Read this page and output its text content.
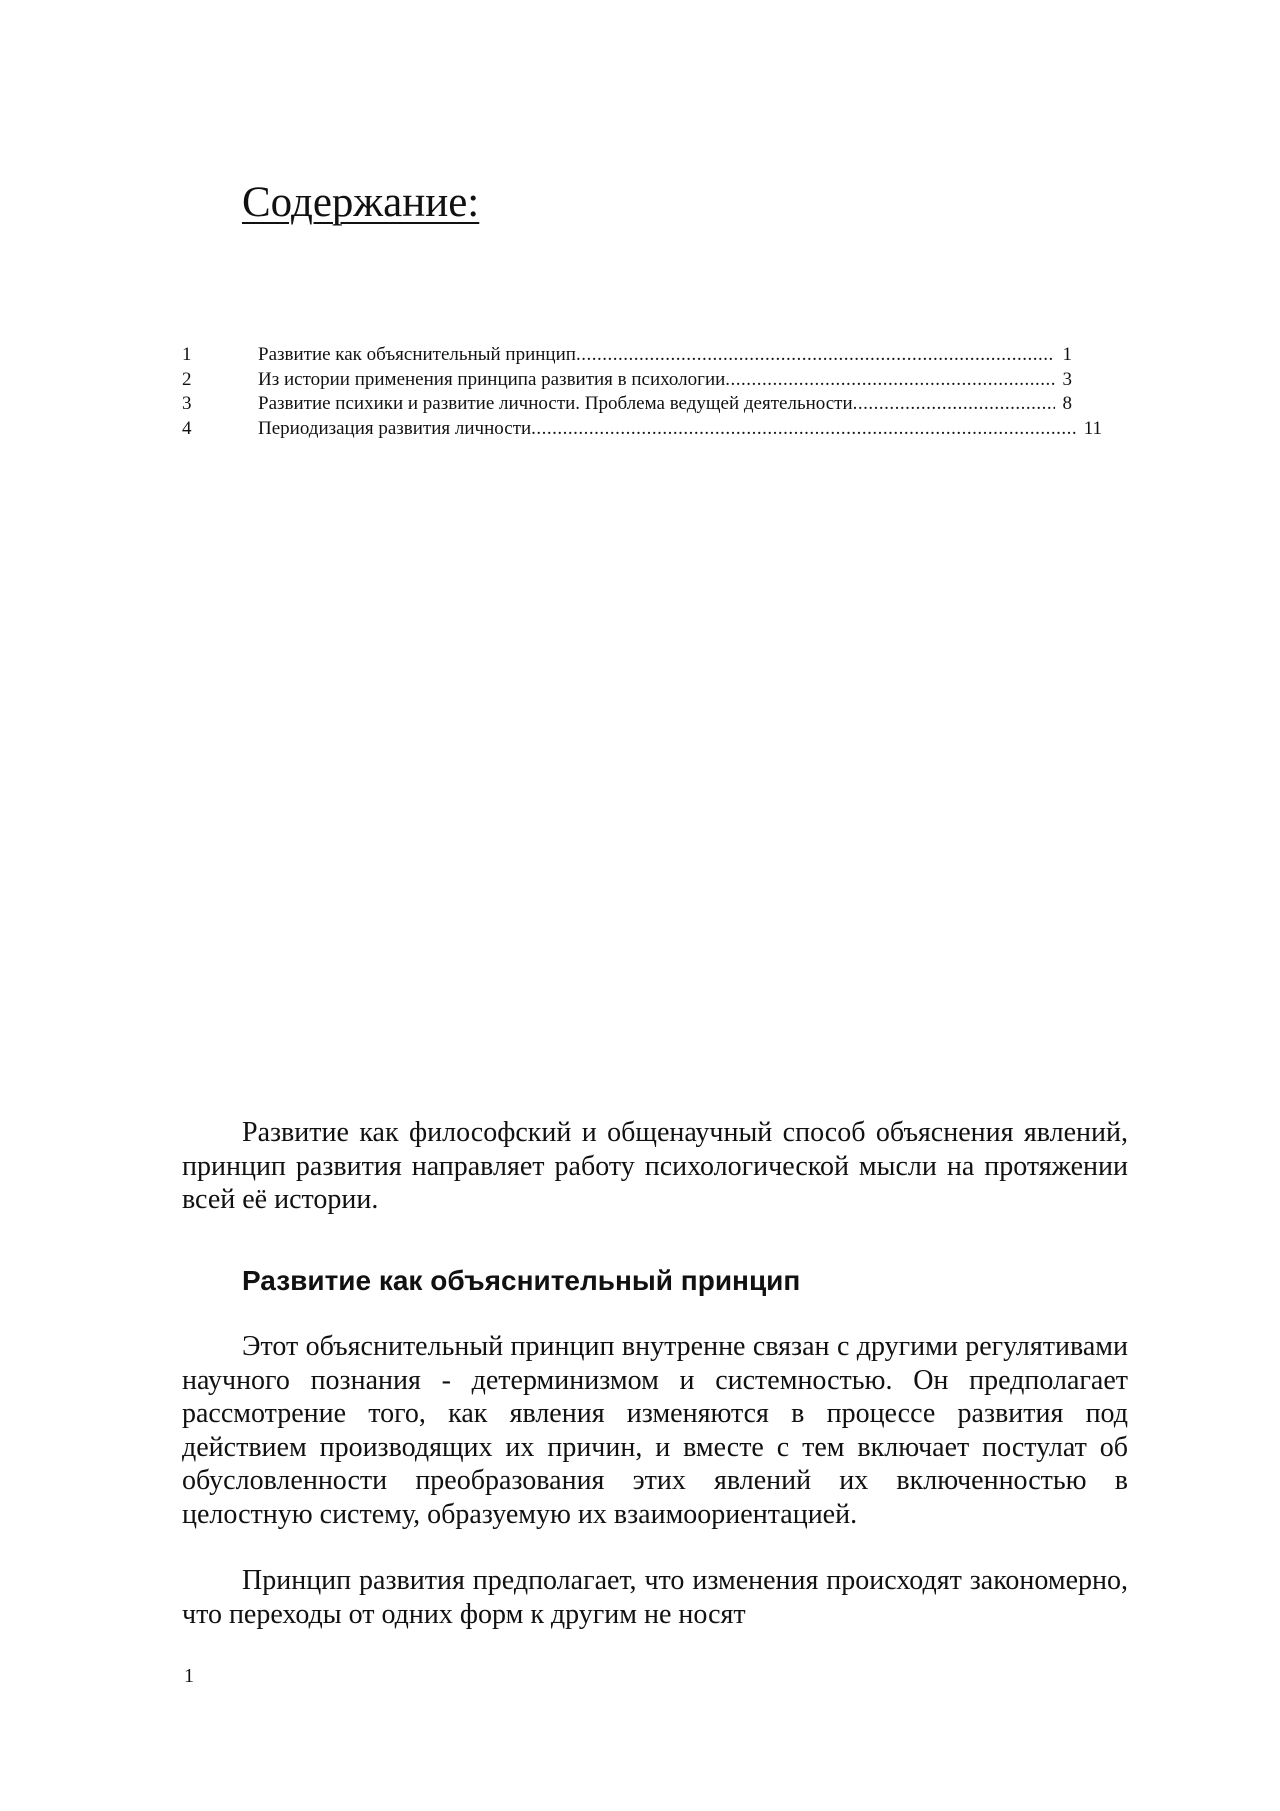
Содержание:
1	Развитие как объяснительный принцип .....	1
2	Из истории применения принципа развития в психологии .....	3
3	Развитие психики и развитие личности. Проблема ведущей деятельности .....	8
4	Периодизация развития личности .....	11

Развитие как философский и общенаучный способ объяснения явлений, принцип развития направляет работу психологической мысли на протяжении всей её истории.

Развитие как объяснительный принцип

Этот объяснительный принцип внутренне связан с другими регулятивами научного познания - детерминизмом и системностью. Он предполагает рассмотрение того, как явления изменяются в процессе развития под действием производящих их причин, и вместе с тем включает постулат об обусловленности преобразования этих явлений их включенностью в целостную систему, образуемую их взаимоориентацией.

Принцип развития предполагает, что изменения происходят закономерно, что переходы от одних форм к другим не носят

1
